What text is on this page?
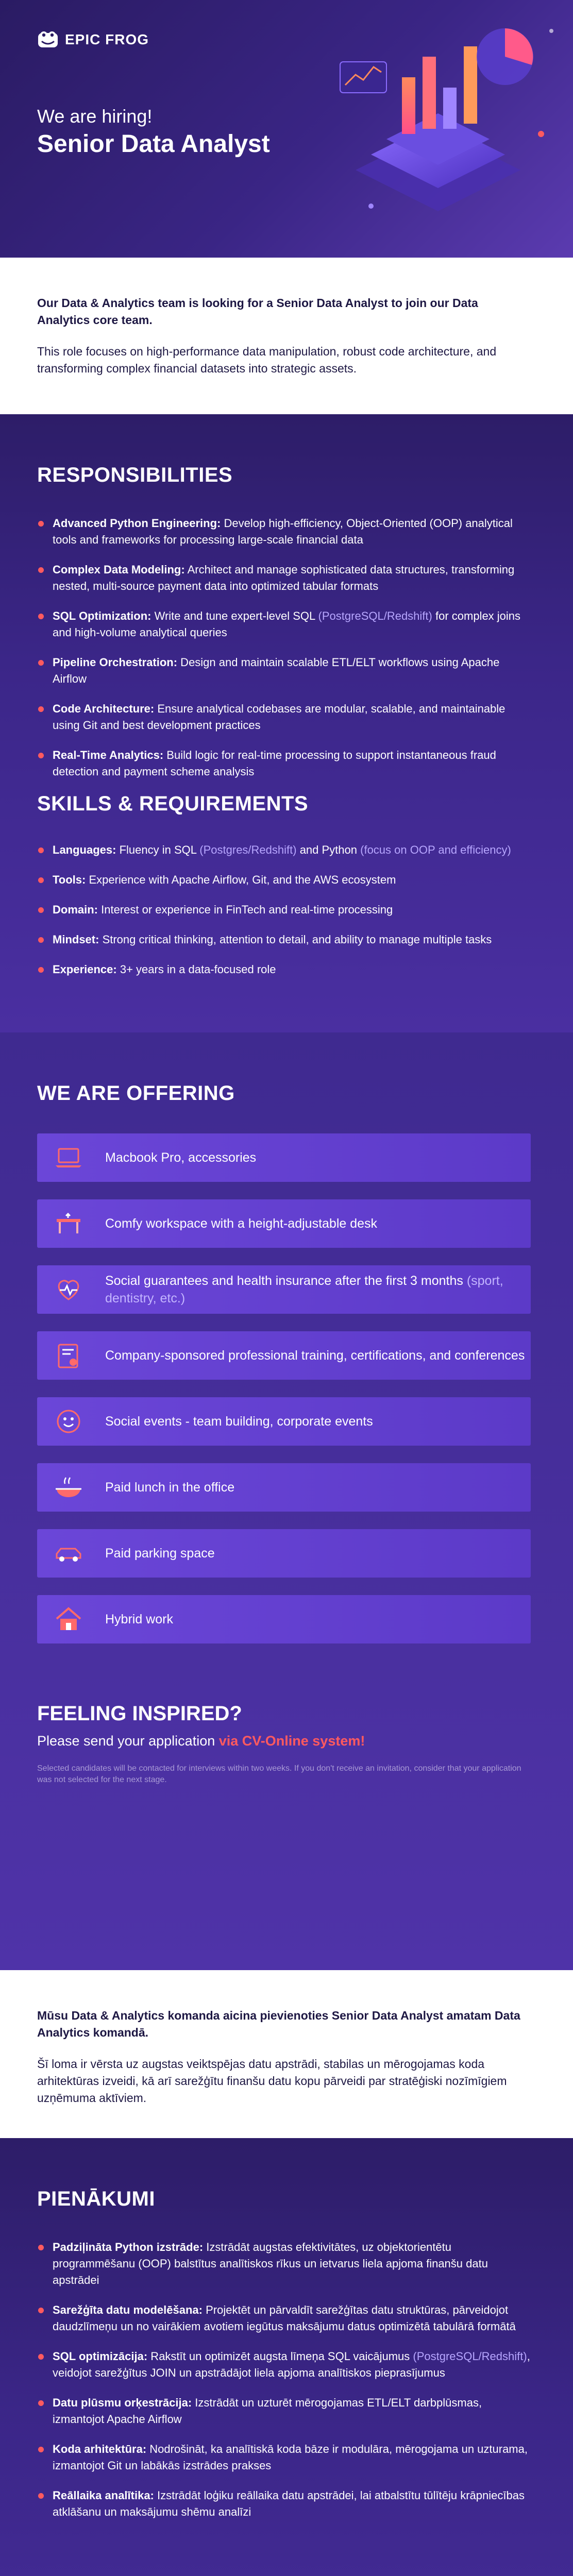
EPIC FROG
We are hiring!
Senior Data Analyst

Our Data & Analytics team is looking for a Senior Data Analyst to join our Data Analytics core team.

This role focuses on high-performance data manipulation, robust code architecture, and transforming complex financial datasets into strategic assets.

RESPONSIBILITIES
Advanced Python Engineering: Develop high-efficiency, Object-Oriented (OOP) analytical tools and frameworks for processing large-scale financial data
Complex Data Modeling: Architect and manage sophisticated data structures, transforming nested, multi-source payment data into optimized tabular formats
SQL Optimization: Write and tune expert-level SQL (PostgreSQL/Redshift) for complex joins and high-volume analytical queries
Pipeline Orchestration: Design and maintain scalable ETL/ELT workflows using Apache Airflow
Code Architecture: Ensure analytical codebases are modular, scalable, and maintainable using Git and best development practices
Real-Time Analytics: Build logic for real-time processing to support instantaneous fraud detection and payment scheme analysis
SKILLS & REQUIREMENTS
Languages: Fluency in SQL (Postgres/Redshift) and Python (focus on OOP and efficiency)
Tools: Experience with Apache Airflow, Git, and the AWS ecosystem
Domain: Interest or experience in FinTech and real-time processing
Mindset: Strong critical thinking, attention to detail, and ability to manage multiple tasks
Experience: 3+ years in a data-focused role
WE ARE OFFERING
Macbook Pro, accessories
Comfy workspace with a height-adjustable desk
Social guarantees and health insurance after the first 3 months (sport, dentistry, etc.)
Company-sponsored professional training, certifications, and conferences
Social events - team building, corporate events
Paid lunch in the office
Paid parking space
Hybrid work
FEELING INSPIRED?

Please send your application via CV-Online system!

Selected candidates will be contacted for interviews within two weeks. If you don't receive an invitation, consider that your application was not selected for the next stage.

Mūsu Data & Analytics komanda aicina pievienoties Senior Data Analyst amatam Data Analytics komandā.

Šī loma ir vērsta uz augstas veiktspējas datu apstrādi, stabilas un mērogojamas koda arhitektūras izveidi, kā arī sarežģītu finanšu datu kopu pārveidi par stratēģiski nozīmīgiem uzņēmuma aktīviem.

PIENĀKUMI
Padziļināta Python izstrāde: Izstrādāt augstas efektivitātes, uz objektorientētu programmēšanu (OOP) balstītus analītiskos rīkus un ietvarus liela apjoma finanšu datu apstrādei
Sarežģīta datu modelēšana: Projektēt un pārvaldīt sarežģītas datu struktūras, pārveidojot daudzlīmeņu un no vairākiem avotiem iegūtus maksājumu datus optimizētā tabulārā formātā
SQL optimizācija: Rakstīt un optimizēt augsta līmeņa SQL vaicājumus (PostgreSQL/Redshift), veidojot sarežģītus JOIN un apstrādājot liela apjoma analītiskos pieprasījumus
Datu plūsmu orķestrācija: Izstrādāt un uzturēt mērogojamas ETL/ELT darbplūsmas, izmantojot Apache Airflow
Koda arhitektūra: Nodrošināt, ka analītiskā koda bāze ir modulāra, mērogojama un uzturama, izmantojot Git un labākās izstrādes prakses
Reāllaika analītika: Izstrādāt loģiku reāllaika datu apstrādei, lai atbalstītu tūlītēju krāpniecības atklāšanu un maksājumu shēmu analīzi
